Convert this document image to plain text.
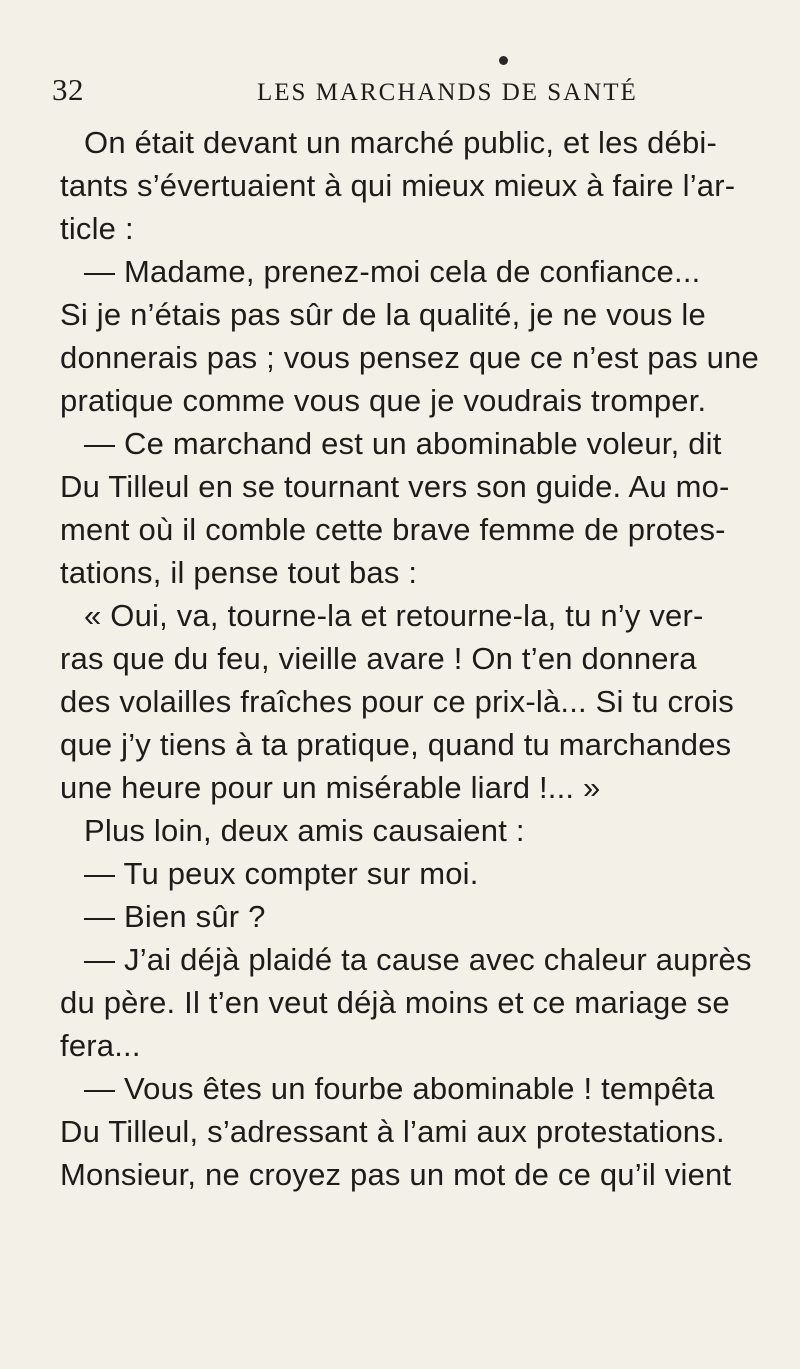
32	LES MARCHANDS DE SANTÉ
On était devant un marché public, et les débi-
tants s’évertuaient à qui mieux mieux à faire l’ar-
ticle :
— Madame, prenez-moi cela de confiance...
Si je n’étais pas sûr de la qualité, je ne vous le
donnerais pas ; vous pensez que ce n’est pas une
pratique comme vous que je voudrais tromper.
— Ce marchand est un abominable voleur, dit
Du Tilleul en se tournant vers son guide. Au mo-
ment où il comble cette brave femme de protes-
tations, il pense tout bas :
« Oui, va, tourne-la et retourne-la, tu n’y ver-
ras que du feu, vieille avare ! On t’en donnera
des volailles fraîches pour ce prix-là... Si tu crois
que j’y tiens à ta pratique, quand tu marchandes
une heure pour un misérable liard !... »
Plus loin, deux amis causaient :
— Tu peux compter sur moi.
— Bien sûr ?
— J’ai déjà plaidé ta cause avec chaleur auprès
du père. Il t’en veut déjà moins et ce mariage se
fera...
— Vous êtes un fourbe abominable ! tempêta
Du Tilleul, s’adressant à l’ami aux protestations.
Monsieur, ne croyez pas un mot de ce qu’il vient
